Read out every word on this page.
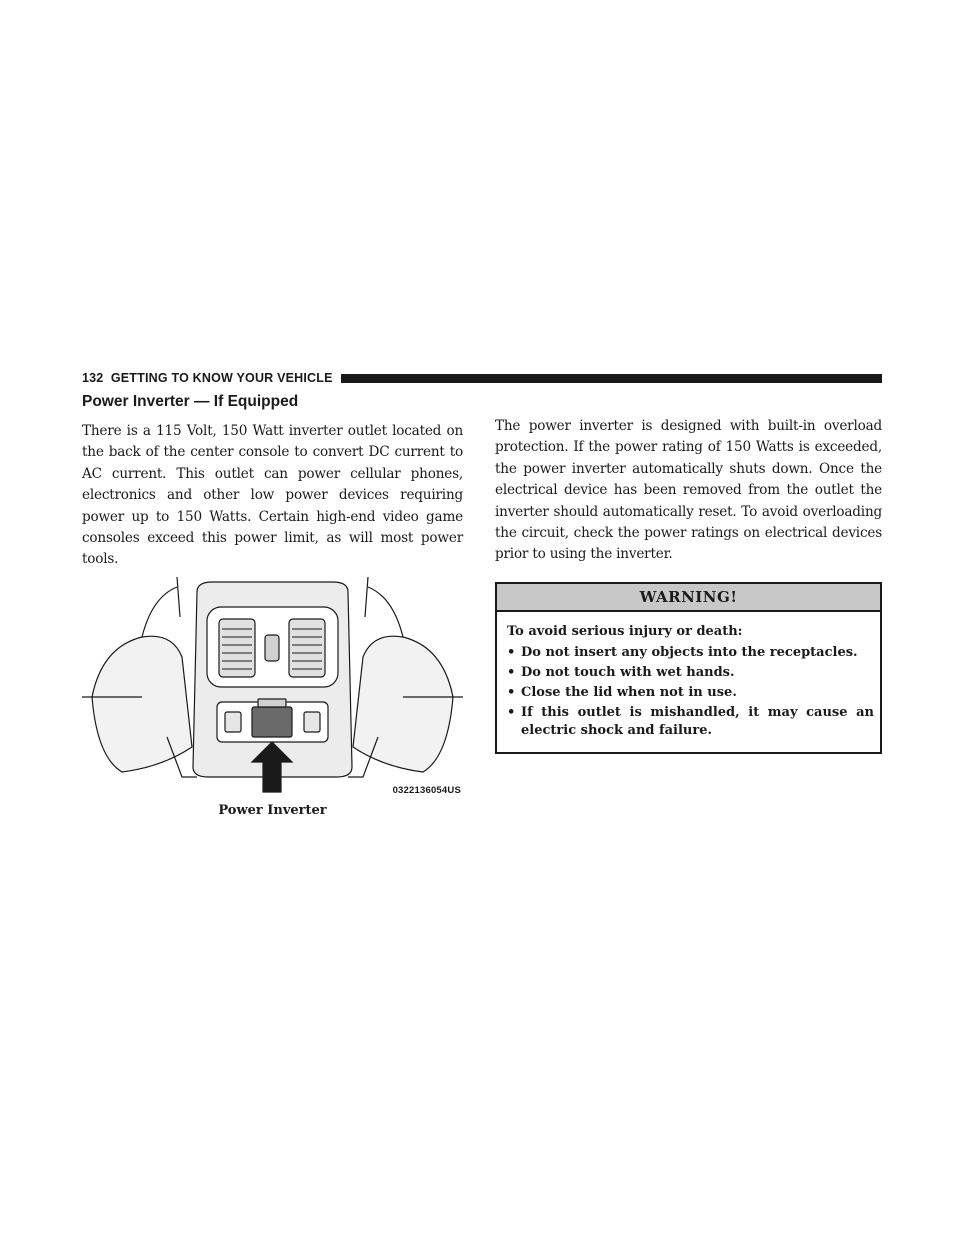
132 GETTING TO KNOW YOUR VEHICLE
Power Inverter — If Equipped

There is a 115 Volt, 150 Watt inverter outlet located on the back of the center console to convert DC current to AC current. This outlet can power cellular phones, electronics and other low power devices requiring power up to 150 Watts. Certain high-end video game consoles exceed this power limit, as will most power tools.

0322136054US
Power Inverter

The power inverter is designed with built-in overload protection. If the power rating of 150 Watts is exceeded, the power inverter automatically shuts down. Once the electrical device has been removed from the outlet the inverter should automatically reset. To avoid overloading the circuit, check the power ratings on electrical devices prior to using the inverter.

WARNING!

To avoid serious injury or death:

• Do not insert any objects into the receptacles.
• Do not touch with wet hands.
• Close the lid when not in use.
• If this outlet is mishandled, it may cause an electric shock and failure.
